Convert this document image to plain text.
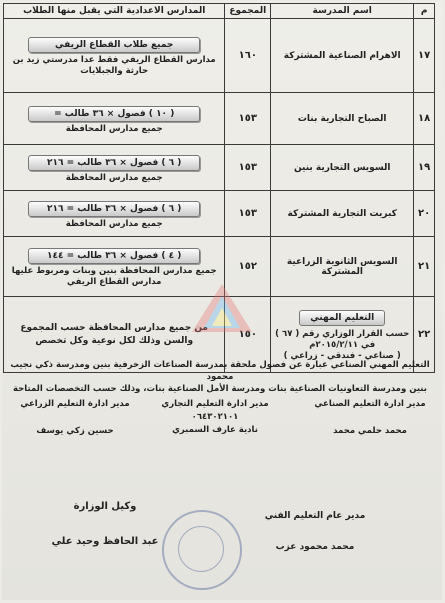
م	اسم المدرسة	المجموع	المدارس الاعدادية التي يقبل منها الطلاب
١٧	الاهرام الصناعية المشتركة	١٦٠	جميع طلاب القطاع الريفي
مدارس القطاع الريفي فقط عدا مدرستي زيد بن حارثة والجبلايات

١٨	الصباح التجارية بنات	١٥٣	( ١٠ ) فصول × ٣٦ طالب =
جميع مدارس المحافظة

١٩	السويس التجارية بنين	١٥٣	( ٦ ) فصول × ٣٦ طالب = ٢١٦
جميع مدارس المحافظة

٢٠	كبريت التجارية المشتركة	١٥٣	( ٦ ) فصول × ٣٦ طالب = ٢١٦
جميع مدارس المحافظة

٢١	السويس الثانوية الزراعية المشتركة	١٥٢	( ٤ ) فصول × ٣٦ طالب = ١٤٤
جميع مدارس المحافظة بنين وبنات ومربوط عليها مدارس القطاع الريفي

٢٢	التعليم المهني
حسب القرار الوزاري رقم ( ٦٧ )
في ٢٠١٥/٢/١١م
( صناعي - فندقي - زراعي )	١٥٠	من جميع مدارس المحافظة حسب المجموع والسن وذلك لكل نوعية وكل تخصص
التعليم المهني الصناعي عبارة عن فصول ملحقة بمدرسة الصناعات الزخرفية بنين ومدرسة ذكي نجيب محمود
بنين ومدرسة التعاونيات الصناعية بنات ومدرسة الأمل الصناعية بنات، وذلك حسب التخصصات المتاحة
مدير ادارة التعليم الصناعي
محمد حلمي محمد
مدير ادارة التعليم التجاري
٠٦٤٣٠٢١٠١
نادية عارف السمبري
مدير ادارة التعليم الزراعي
حسين زكي يوسف
مدير عام التعليم الفني
محمد محمود عزب
وكيل الوزارة
عبد الحافظ وحيد علي
